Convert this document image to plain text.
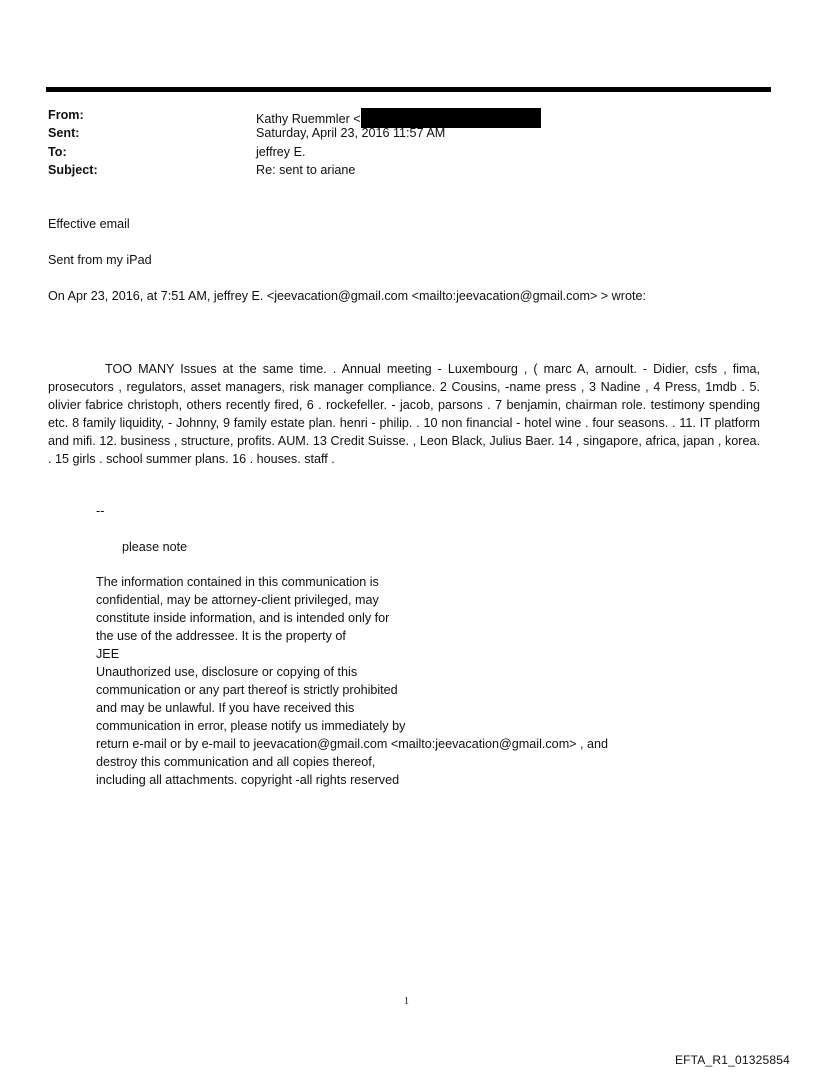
From:	Kathy Ruemmler <
Sent:	Saturday, April 23, 2016 11:57 AM
To:	jeffrey E.
Subject:	Re: sent to ariane
Effective email
Sent from my iPad
On Apr 23, 2016, at 7:51 AM, jeffrey E. <jeevacation@gmail.com <mailto:jeevacation@gmail.com> > wrote:
TOO MANY Issues at the same time. . Annual meeting - Luxembourg , ( marc A, arnoult. - Didier, csfs , fima, prosecutors , regulators, asset managers, risk manager compliance. 2 Cousins, -name press , 3 Nadine , 4 Press, 1mdb . 5. olivier fabrice christoph, others recently fired, 6 . rockefeller. - jacob, parsons . 7 benjamin, chairman role. testimony spending etc. 8 family liquidity, - Johnny, 9 family estate plan. henri - philip. . 10 non financial - hotel wine . four seasons. . 11. IT platform and mifi. 12. business , structure, profits. AUM. 13 Credit Suisse. , Leon Black, Julius Baer. 14 , singapore, africa, japan , korea. . 15 girls . school summer plans. 16 . houses. staff .
--
please note
The information contained in this communication is
confidential, may be attorney-client privileged, may
constitute inside information, and is intended only for
the use of the addressee. It is the property of
JEE
Unauthorized use, disclosure or copying of this
communication or any part thereof is strictly prohibited
and may be unlawful. If you have received this
communication in error, please notify us immediately by
return e-mail or by e-mail to jeevacation@gmail.com <mailto:jeevacation@gmail.com> , and
destroy this communication and all copies thereof,
including all attachments. copyright -all rights reserved
1
EFTA_R1_01325854
